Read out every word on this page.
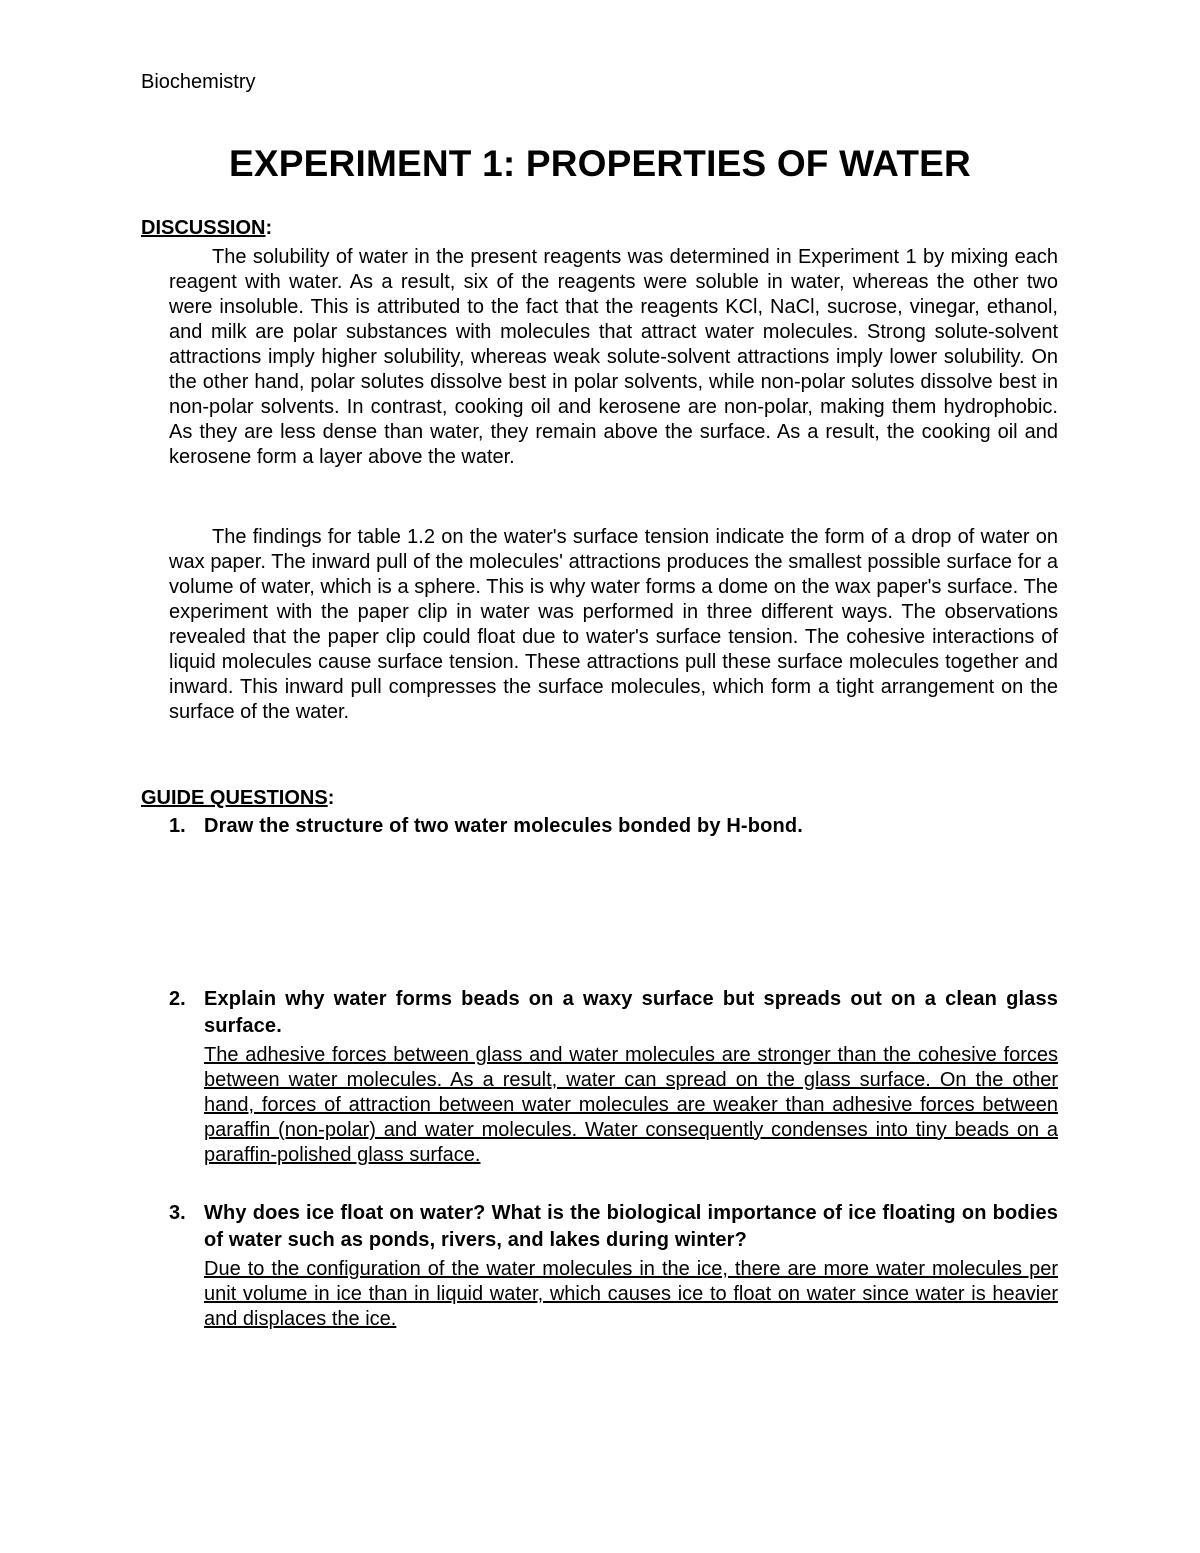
Biochemistry
EXPERIMENT 1: PROPERTIES OF WATER
DISCUSSION:

The solubility of water in the present reagents was determined in Experiment 1 by mixing each reagent with water. As a result, six of the reagents were soluble in water, whereas the other two were insoluble. This is attributed to the fact that the reagents KCl, NaCl, sucrose, vinegar, ethanol, and milk are polar substances with molecules that attract water molecules. Strong solute-solvent attractions imply higher solubility, whereas weak solute-solvent attractions imply lower solubility. On the other hand, polar solutes dissolve best in polar solvents, while non-polar solutes dissolve best in non-polar solvents. In contrast, cooking oil and kerosene are non-polar, making them hydrophobic. As they are less dense than water, they remain above the surface. As a result, the cooking oil and kerosene form a layer above the water.

The findings for table 1.2 on the water's surface tension indicate the form of a drop of water on wax paper. The inward pull of the molecules' attractions produces the smallest possible surface for a volume of water, which is a sphere. This is why water forms a dome on the wax paper's surface. The experiment with the paper clip in water was performed in three different ways. The observations revealed that the paper clip could float due to water's surface tension. The cohesive interactions of liquid molecules cause surface tension. These attractions pull these surface molecules together and inward. This inward pull compresses the surface molecules, which form a tight arrangement on the surface of the water.

GUIDE QUESTIONS:
1. Draw the structure of two water molecules bonded by H-bond.

2. Explain why water forms beads on a waxy surface but spreads out on a clean glass surface.

The adhesive forces between glass and water molecules are stronger than the cohesive forces between water molecules. As a result, water can spread on the glass surface. On the other hand, forces of attraction between water molecules are weaker than adhesive forces between paraffin (non-polar) and water molecules. Water consequently condenses into tiny beads on a paraffin-polished glass surface.

3. Why does ice float on water? What is the biological importance of ice floating on bodies of water such as ponds, rivers, and lakes during winter?

Due to the configuration of the water molecules in the ice, there are more water molecules per unit volume in ice than in liquid water, which causes ice to float on water since water is heavier and displaces the ice.
